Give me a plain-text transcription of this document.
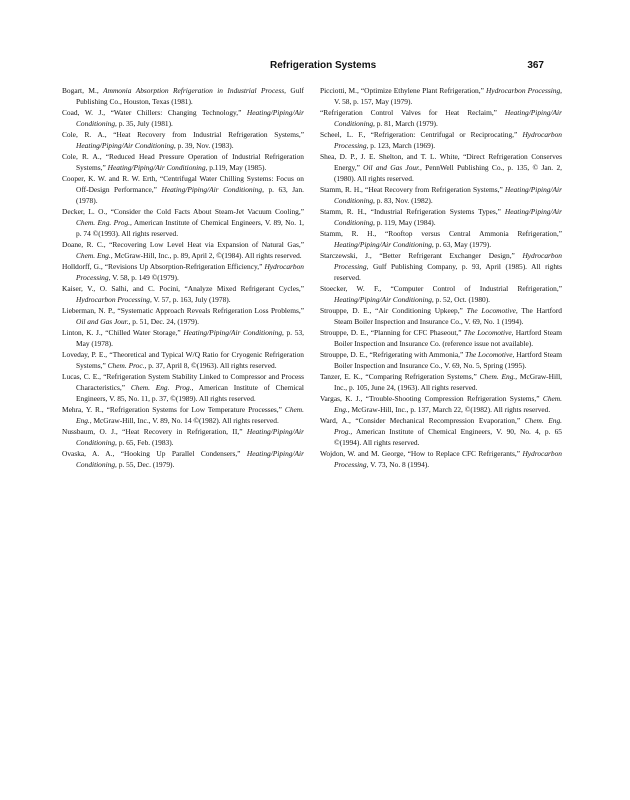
Refrigeration Systems	367

Bogart, M., Ammonia Absorption Refrigeration in Industrial Process, Gulf Publishing Co., Houston, Texas (1981).

Coad, W. J., “Water Chillers: Changing Technology,” Heating/Piping/Air Conditioning, p. 35, July (1981).

Cole, R. A., “Heat Recovery from Industrial Refrigeration Systems,” Heating/Piping/Air Conditioning, p. 39, Nov. (1983).

Cole, R. A., “Reduced Head Pressure Operation of Industrial Refrigeration Systems,” Heating/Piping/Air Conditioning, p.119, May (1985).

Cooper, K. W. and R. W. Erth, “Centrifugal Water Chilling Systems: Focus on Off-Design Performance,” Heating/Piping/Air Conditioning, p. 63, Jan. (1978).

Decker, L. O., “Consider the Cold Facts About Steam-Jet Vacuum Cooling,” Chem. Eng. Prog., American Institute of Chemical Engineers, V. 89, No. 1, p. 74 ©(1993). All rights reserved.

Doane, R. C., “Recovering Low Level Heat via Expansion of Natural Gas,” Chem. Eng., McGraw-Hill, Inc., p. 89, April 2, ©(1984). All rights reserved.

Holldorff, G., “Revisions Up Absorption-Refrigeration Efficiency,” Hydrocarbon Processing, V. 58, p. 149 ©(1979).

Kaiser, V., O. Salhi, and C. Pocini, “Analyze Mixed Refrigerant Cycles,” Hydrocarbon Processing, V. 57, p. 163, July (1978).

Lieberman, N. P., “Systematic Approach Reveals Refrigeration Loss Problems,” Oil and Gas Jour., p. 51, Dec. 24, (1979).

Linton, K. J., “Chilled Water Storage,” Heating/Piping/Air Conditioning, p. 53, May (1978).

Loveday, P. E., “Theoretical and Typical W/Q Ratio for Cryogenic Refrigeration Systems,” Chem. Proc., p. 37, April 8, ©(1963). All rights reserved.

Lucas, C. E., “Refrigeration System Stability Linked to Compressor and Process Characteristics,” Chem. Eng. Prog., American Institute of Chemical Engineers, V. 85, No. 11, p. 37, ©(1989). All rights reserved.

Mehra, Y. R., “Refrigeration Systems for Low Temperature Processes,” Chem. Eng., McGraw-Hill, Inc., V. 89, No. 14 ©(1982). All rights reserved.

Nussbaum, O. J., “Heat Recovery in Refrigeration, II,” Heating/Piping/Air Conditioning, p. 65, Feb. (1983).

Ovaska, A. A., “Hooking Up Parallel Condensers,” Heating/Piping/Air Conditioning, p. 55, Dec. (1979).

Picciotti, M., “Optimize Ethylene Plant Refrigeration,” Hydrocarbon Processing, V. 58, p. 157, May (1979).

“Refrigeration Control Valves for Heat Reclaim,” Heating/Piping/Air Conditioning, p. 81, March (1979).

Scheel, L. F., “Refrigeration: Centrifugal or Reciprocating,” Hydrocarbon Processing, p. 123, March (1969).

Shea, D. P., J. E. Shelton, and T. L. White, “Direct Refrigeration Conserves Energy,” Oil and Gas Jour., PennWell Publishing Co., p. 135, © Jan. 2, (1980). All rights reserved.

Stamm, R. H., “Heat Recovery from Refrigeration Systems,” Heating/Piping/Air Conditioning, p. 83, Nov. (1982).

Stamm, R. H., “Industrial Refrigeration Systems Types,” Heating/Piping/Air Conditioning, p. 119, May (1984).

Stamm, R. H., “Rooftop versus Central Ammonia Refrigeration,” Heating/Piping/Air Conditioning, p. 63, May (1979).

Starczewski, J., “Better Refrigerant Exchanger Design,” Hydrocarbon Processing, Gulf Publishing Company, p. 93, April (1985). All rights reserved.

Stoecker, W. F., “Computer Control of Industrial Refrigeration,” Heating/Piping/Air Conditioning, p. 52, Oct. (1980).

Strouppe, D. E., “Air Conditioning Upkeep,” The Locomotive, The Hartford Steam Boiler Inspection and Insurance Co., V. 69, No. 1 (1994).

Strouppe, D. E., “Planning for CFC Phaseout,” The Locomotive, Hartford Steam Boiler Inspection and Insurance Co. (reference issue not available).

Strouppe, D. E., “Refrigerating with Ammonia,” The Locomotive, Hartford Steam Boiler Inspection and Insurance Co., V. 69, No. 5, Spring (1995).

Tanzer, E. K., “Comparing Refrigeration Systems,” Chem. Eng., McGraw-Hill, Inc., p. 105, June 24, (1963). All rights reserved.

Vargas, K. J., “Trouble-Shooting Compression Refrigeration Systems,” Chem. Eng., McGraw-Hill, Inc., p. 137, March 22, ©(1982). All rights reserved.

Ward, A., “Consider Mechanical Recompression Evaporation,” Chem. Eng. Prog., American Institute of Chemical Engineers, V. 90, No. 4, p. 65 ©(1994). All rights reserved.

Wojdon, W. and M. George, “How to Replace CFC Refrigerants,” Hydrocarbon Processing, V. 73, No. 8 (1994).
